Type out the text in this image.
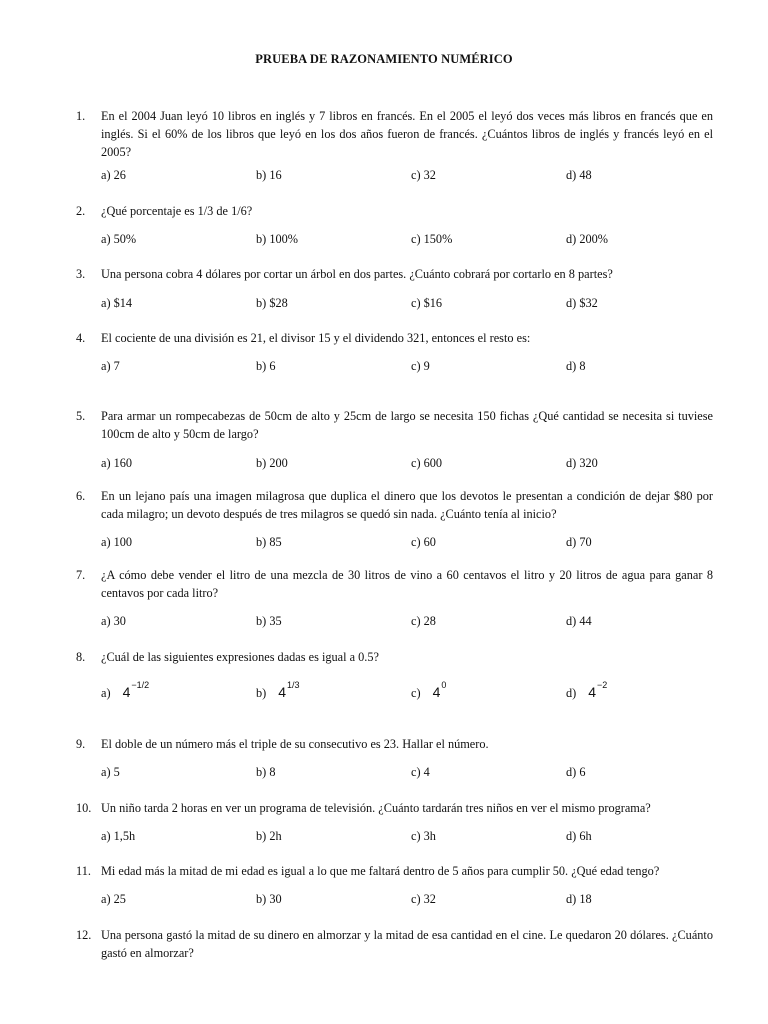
PRUEBA DE RAZONAMIENTO NUMÉRICO
1. En el 2004 Juan leyó 10 libros en inglés y 7 libros en francés. En el 2005 el leyó dos veces más libros en francés que en inglés. Si el 60% de los libros que leyó en los dos años fueron de francés. ¿Cuántos libros de inglés y francés leyó en el 2005?
a) 26	b) 16	c) 32	d) 48
2. ¿Qué porcentaje es 1/3 de 1/6?
a) 50%	b) 100%	c) 150%	d) 200%
3. Una persona cobra 4 dólares por cortar un árbol en dos partes. ¿Cuánto cobrará por cortarlo en 8 partes?
a) $14	b) $28	c) $16	d) $32
4. El cociente de una división es 21, el divisor 15 y el dividendo 321, entonces el resto es:
a) 7	b) 6	c) 9	d) 8
5. Para armar un rompecabezas de 50cm de alto y 25cm de largo se necesita 150 fichas ¿Qué cantidad se necesita si tuviese 100cm de alto y 50cm de largo?
a) 160	b) 200	c) 600	d) 320
6. En un lejano país una imagen milagrosa que duplica el dinero que los devotos le presentan a condición de dejar $80 por cada milagro; un devoto después de tres milagros se quedó sin nada. ¿Cuánto tenía al inicio?
a) 100	b) 85	c) 60	d) 70
7. ¿A cómo debe vender el litro de una mezcla de 30 litros de vino a 60 centavos el litro y 20 litros de agua para ganar 8 centavos por cada litro?
a) 30	b) 35	c) 28	d) 44
8. ¿Cuál de las siguientes expresiones dadas es igual a 0.5?
a) $4^{-1/2}$
b) $4^{1/3}$
c) $4^0$
d) $4^{-2}$
9. El doble de un número más el triple de su consecutivo es 23. Hallar el número.
a) 5	b) 8	c) 4	d) 6
10. Un niño tarda 2 horas en ver un programa de televisión. ¿Cuánto tardarán tres niños en ver el mismo programa?
a) 1,5h	b) 2h	c) 3h	d) 6h
11. Mi edad más la mitad de mi edad es igual a lo que me faltará dentro de 5 años para cumplir 50. ¿Qué edad tengo?
a) 25	b) 30	c) 32	d) 18
12. Una persona gastó la mitad de su dinero en almorzar y la mitad de esa cantidad en el cine. Le quedaron 20 dólares. ¿Cuánto gastó en almorzar?
